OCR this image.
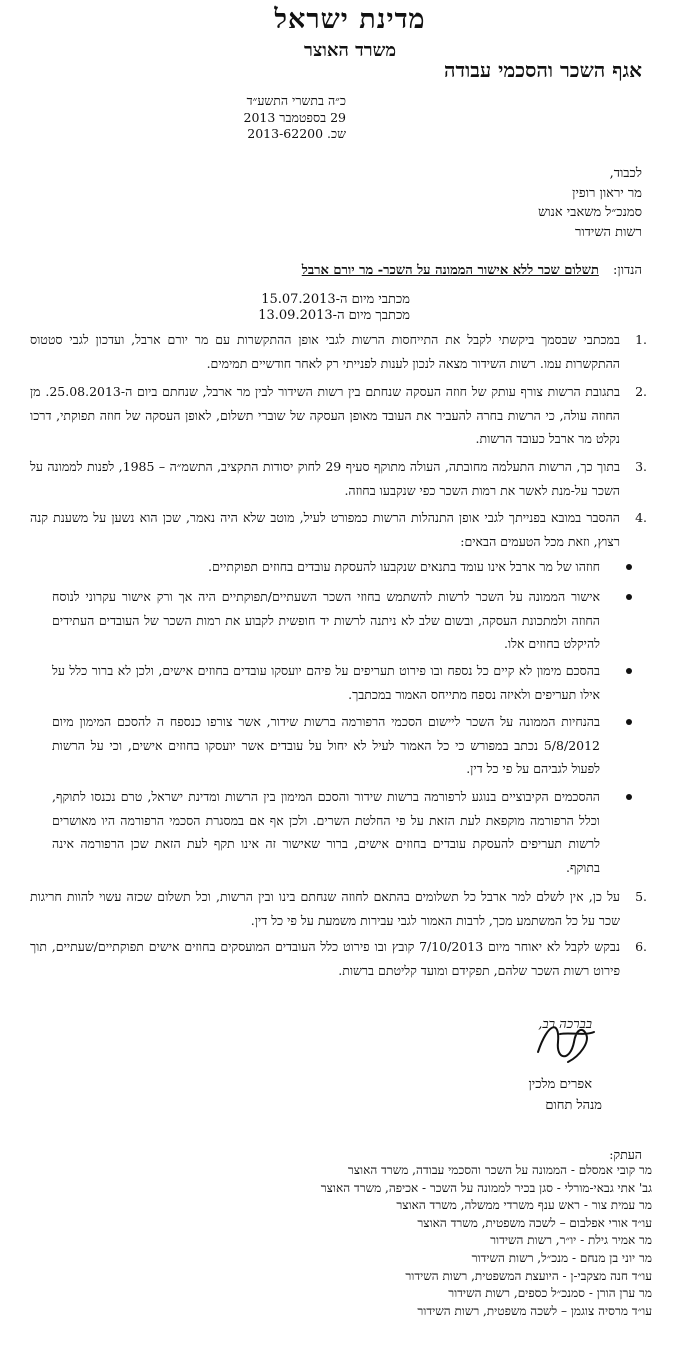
מדינת ישראל
משרד האוצר
אגף השכר והסכמי עבודה
כ״ה בתשרי התשע״ד
29 בספטמבר 2013
שכ. 2013-62200
לכבוד,
מר יראון רופין
סמנכ״ל משאבי אנוש
רשות השידור
הנדון: תשלום שכר ללא אישור הממונה על השכר- מר יורם ארבל
מכתבי מיום ה-15.07.2013
מכתבך מיום ה-13.09.2013
1.
במכתבי שבסמך ביקשתי לקבל את התייחסות הרשות לגבי אופן ההתקשרות עם מר יורם ארבל, ועדכון לגבי סטטוס ההתקשרות עמו. רשות השידור מצאה לנכון לענות לפנייתי רק לאחר חודשיים תמימים.
2.
בתגובת הרשות צורף עותק של חוזה העסקה שנחתם בין רשות השידור לבין מר ארבל, שנחתם ביום ה-25.08.2013. מן החוזה עולה, כי הרשות בחרה להעביר את העובד מאופן העסקה של שוברי תשלום, לאופן העסקה של חוזה תפוקתי, דרכו נקלט מר ארבל כעובד הרשות.
3.
בתוך כך, הרשות התעלמה מחובתה, העולה מתוקף סעיף 29 לחוק יסודות התקציב, התשמ״ה – 1985, לפנות לממונה על השכר על-מנת לאשר את רמות השכר כפי שנקבעו בחוזה.
4.
ההסבר במובא בפנייתך לגבי אופן התנהלות הרשות כמפורט לעיל, מוטב שלא היה נאמר, שכן הוא נשען על משענת קנה רצוץ, וזאת מכל הטעמים הבאים:
חוזהו של מר ארבל אינו עומד בתנאים שנקבעו להעסקת עובדים בחוזים תפוקתיים.
אישור הממונה על השכר לרשות להשתמש בחוזי השכר השעתיים/תפוקתיים היה אך ורק אישור עקרוני לנוסח החוזה ולמתכונת העסקה, ובשום שלב לא ניתנה לרשות יד חופשית לקבוע את רמות השכר של העובדים העתידים להיקלט בחוזים אלו.
בהסכם מימון לא קיים כל נספח ובו פירוט תעריפים על פיהם יועסקו עובדים בחוזים אישים, ולכן לא ברור כלל על אילו תעריפים ולאיזה נספח מתייחס האמור במכתבך.
בהנחיות הממונה על השכר ליישום הסכמי הרפורמה ברשות שידור, אשר צורפו כנספח ה להסכם המימון מיום 5/8/2012 נכתב במפורש כי כל האמור לעיל לא יחול על עובדים אשר יועסקו בחוזים אישים, וכי על הרשות לפעול לגביהם על פי כל דין.
ההסכמים הקיבוציים בנוגע לרפורמה ברשות שידור והסכם המימון בין הרשות ומדינת ישראל, טרם נכנסו לתוקף, וכלל הרפורמה מוקפאת לעת הזאת על פי החלטת השרים. ולכן אף אם במסגרת הסכמי הרפורמה היו מאושרים לרשות תעריפים להעסקת עובדים בחוזים אישים, ברור שאישור זה אינו תקף לעת הזאת שכן הרפורמה אינה בתוקף.
5.
על כן, אין לשלם למר ארבל כל תשלומים בהתאם לחוזה שנחתם בינו ובין הרשות, וכל תשלום שכזה עשוי להוות חריגות שכר על כל המשתמע מכך, לרבות האמור לגבי עבירות משמעת על פי כל דין.
6.
נבקש לקבל לא יאוחר מיום 7/10/2013 קובץ ובו פירוט כלל העובדים המועסקים בחוזים אישים תפוקתיים/שעתיים, תוך פירוט רשות השכר שלהם, תפקידם ומועד קליטתם ברשות.
בברכה רב,
אפרים מלכין
מנהל תחום
העתק:
מר קובי אמסלם - הממונה על השכר והסכמי עבודה, משרד האוצר
גב' אתי גבאי-מורלי - סגן בכיר לממונה על השכר - אכיפה, משרד האוצר
מר עמית צור - ראש ענף משרדי ממשלה, משרד האוצר
עו״ד אורי אפלבום – לשכה משפטית, משרד האוצר
מר אמיר גילת - יו״ר, רשות השידור
מר יוני בן מנחם - מנכ״ל, רשות השידור
עו״ד חנה מצקבי-ן - היועצת המשפטית, רשות השידור
מר ערן הורן - סמנכ״ל כספים, רשות השידור
עו״ד מרסיה צוגמן – לשכה משפטית, רשות השידור
